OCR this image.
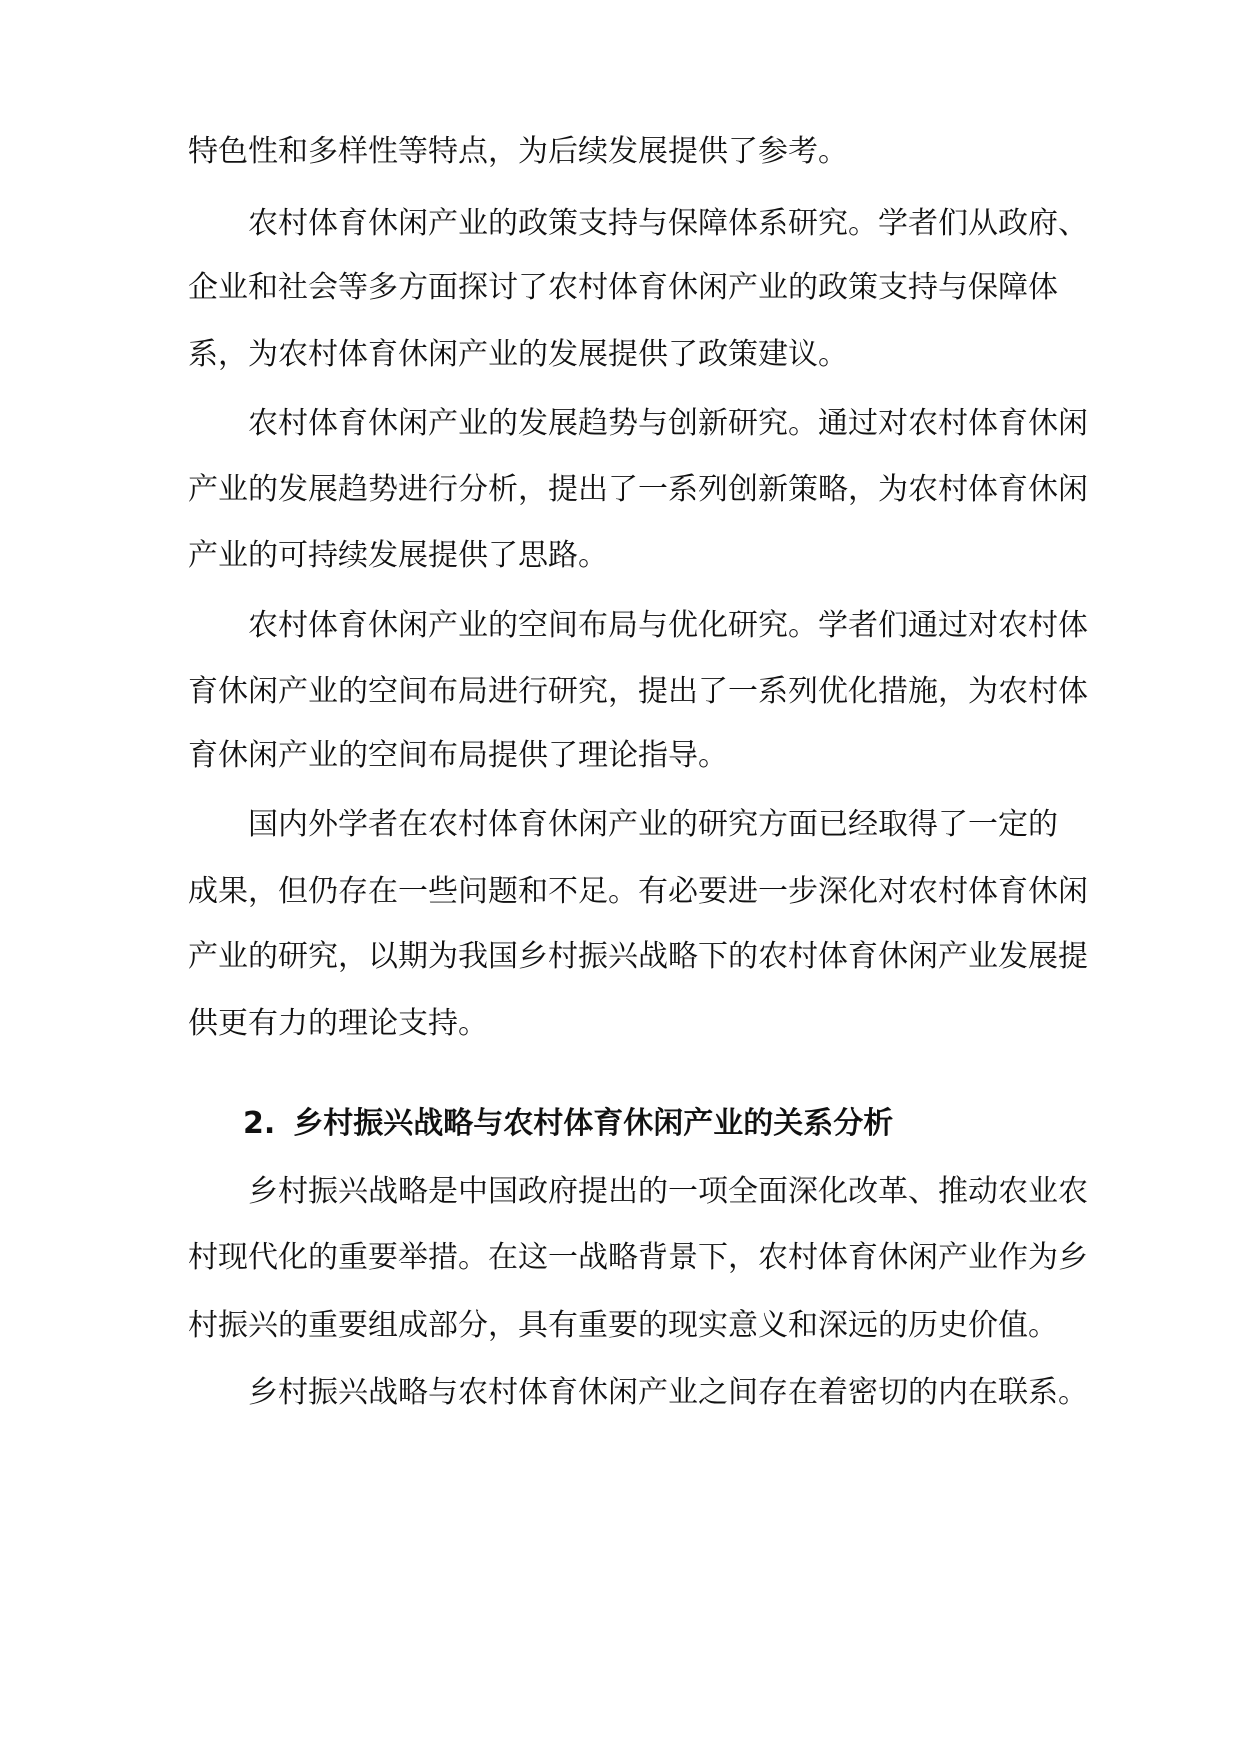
特色性和多样性等特点，为后续发展提供了参考。
农村体育休闲产业的政策支持与保障体系研究。学者们从政府、
企业和社会等多方面探讨了农村体育休闲产业的政策支持与保障体
系，为农村体育休闲产业的发展提供了政策建议。
农村体育休闲产业的发展趋势与创新研究。通过对农村体育休闲
产业的发展趋势进行分析，提出了一系列创新策略，为农村体育休闲
产业的可持续发展提供了思路。
农村体育休闲产业的空间布局与优化研究。学者们通过对农村体
育休闲产业的空间布局进行研究，提出了一系列优化措施，为农村体
育休闲产业的空间布局提供了理论指导。
国内外学者在农村体育休闲产业的研究方面已经取得了一定的
成果，但仍存在一些问题和不足。有必要进一步深化对农村体育休闲
产业的研究，以期为我国乡村振兴战略下的农村体育休闲产业发展提
供更有力的理论支持。
2. 乡村振兴战略与农村体育休闲产业的关系分析
乡村振兴战略是中国政府提出的一项全面深化改革、推动农业农
村现代化的重要举措。在这一战略背景下，农村体育休闲产业作为乡
村振兴的重要组成部分，具有重要的现实意义和深远的历史价值。
乡村振兴战略与农村体育休闲产业之间存在着密切的内在联系。
